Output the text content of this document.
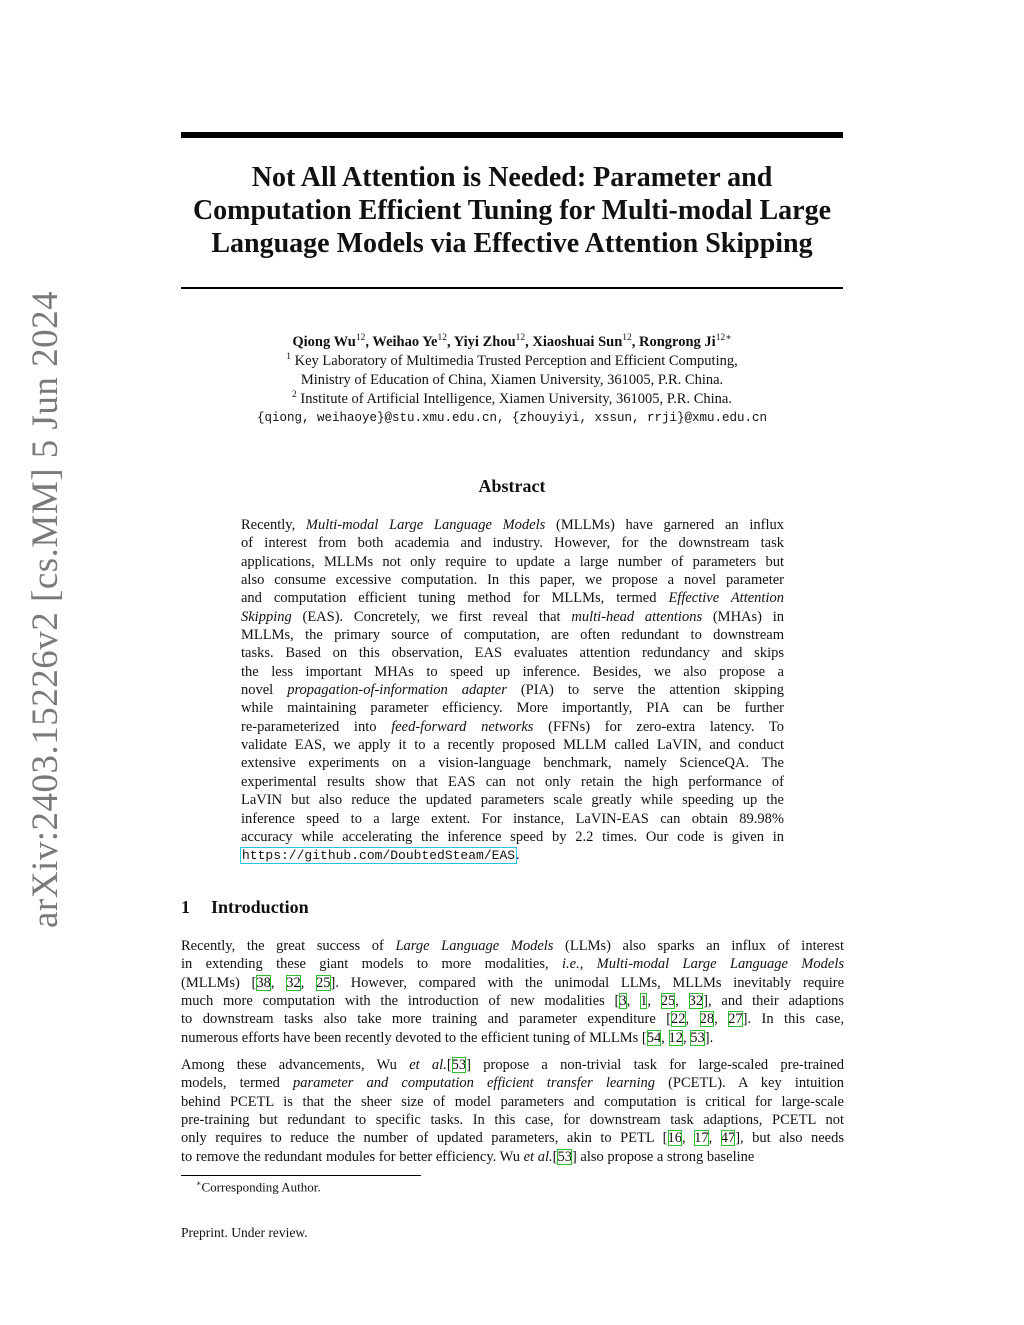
arXiv:2403.15226v2 [cs.MM] 5 Jun 2024
Not All Attention is Needed: Parameter and
Computation Efficient Tuning for Multi-modal Large
Language Models via Effective Attention Skipping
Qiong Wu$^{12}$, Weihao Ye$^{12}$, Yiyi Zhou$^{12}$, Xiaoshuai Sun$^{12}$, Rongrong $Ji^{12∗}$
$^1$ Key Laboratory of Multimedia Trusted Perception and Efficient Computing,
Ministry of Education of China, Xiamen University, 361005, P.R. China.
$^2$ Institute of Artificial Intelligence, Xiamen University, 361005, P.R. China.
{qiong, weihaoye}@stu.xmu.edu.cn, {zhouyiyi, xssun, rrji}@xmu.edu.cn
Abstract
Recently, Multi-modal Large Language Models (MLLMs) have garnered an influx
of interest from both academia and industry. However, for the downstream task
applications, MLLMs not only require to update a large number of parameters but
also consume excessive computation. In this paper, we propose a novel parameter
and computation efficient tuning method for MLLMs, termed Effective Attention
Skipping (EAS). Concretely, we first reveal that multi-head attentions (MHAs) in
MLLMs, the primary source of computation, are often redundant to downstream
tasks. Based on this observation, EAS evaluates attention redundancy and skips
the less important MHAs to speed up inference. Besides, we also propose a
novel propagation-of-information adapter (PIA) to serve the attention skipping
while maintaining parameter efficiency. More importantly, PIA can be further
re-parameterized into feed-forward networks (FFNs) for zero-extra latency. To
validate EAS, we apply it to a recently proposed MLLM called LaVIN, and conduct
extensive experiments on a vision-language benchmark, namely ScienceQA. The
experimental results show that EAS can not only retain the high performance of
LaVIN but also reduce the updated parameters scale greatly while speeding up the
inference speed to a large extent. For instance, LaVIN-EAS can obtain 89.98%
accuracy while accelerating the inference speed by 2.2 times. Our code is given in
https://github.com/DoubtedSteam/EAS.
1 Introduction
Recently, the great success of Large Language Models (LLMs) also sparks an influx of interest
in extending these giant models to more modalities, i.e., Multi-modal Large Language Models
(MLLMs) [38, 32, 25]. However, compared with the unimodal LLMs, MLLMs inevitably require
much more computation with the introduction of new modalities [3, 1, 25, 32], and their adaptions
to downstream tasks also take more training and parameter expenditure [22, 28, 27]. In this case,
numerous efforts have been recently devoted to the efficient tuning of MLLMs [54, 12, 53].
Among these advancements, Wu et al.[53] propose a non-trivial task for large-scaled pre-trained
models, termed parameter and computation efficient transfer learning (PCETL). A key intuition
behind PCETL is that the sheer size of model parameters and computation is critical for large-scale
pre-training but redundant to specific tasks. In this case, for downstream task adaptions, PCETL not
only requires to reduce the number of updated parameters, akin to PETL [16, 17, 47], but also needs
to remove the redundant modules for better efficiency. Wu et al.[53] also propose a strong baseline
∗Corresponding Author.
Preprint. Under review.
